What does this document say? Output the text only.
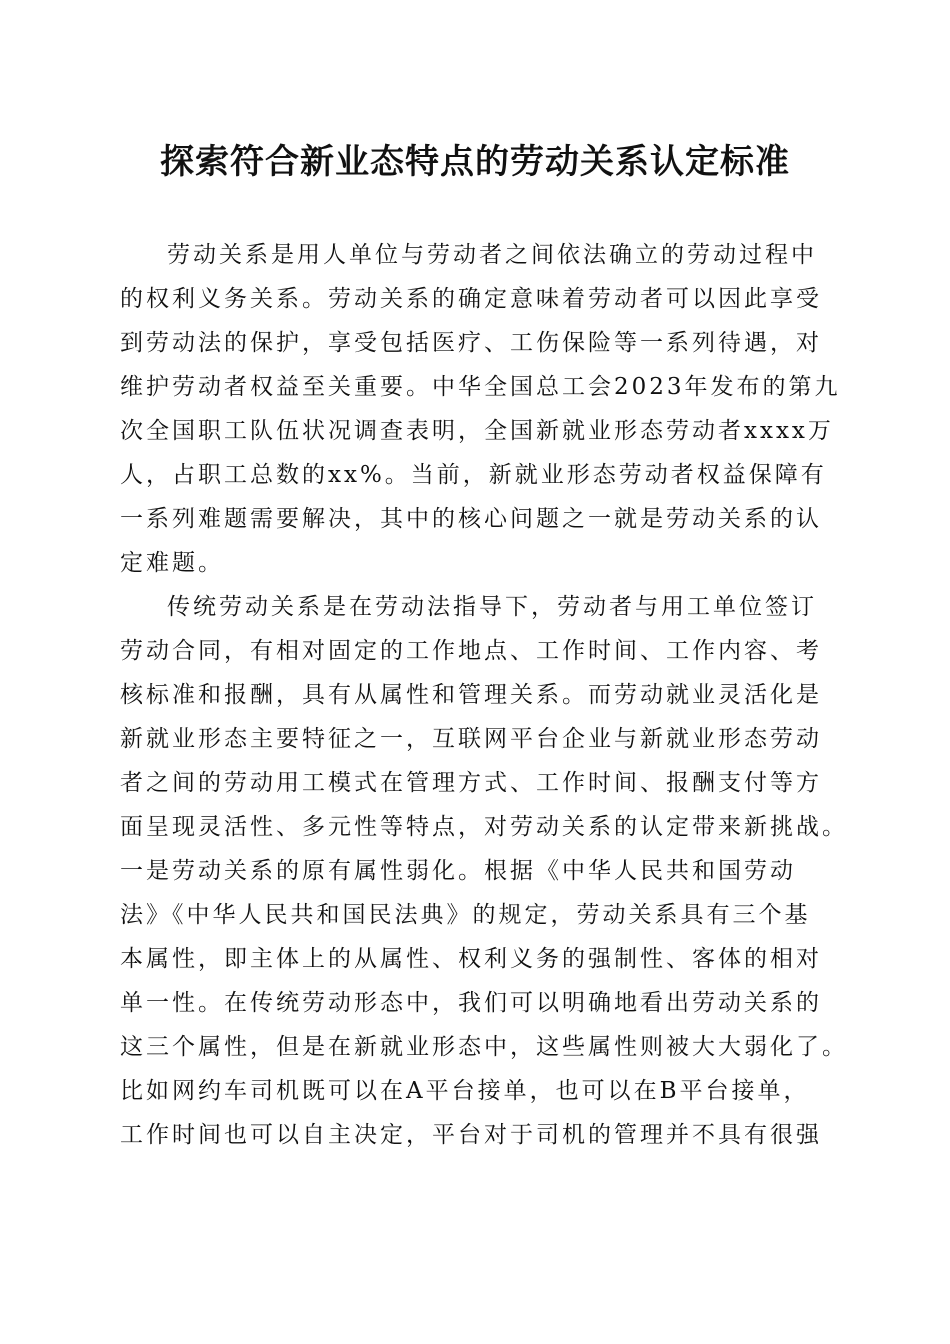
探索符合新业态特点的劳动关系认定标准

劳动关系是用人单位与劳动者之间依法确立的劳动过程中

的权利义务关系。劳动关系的确定意味着劳动者可以因此享受

到劳动法的保护，享受包括医疗、工伤保险等一系列待遇，对

维护劳动者权益至关重要。中华全国总工会2023年发布的第九

次全国职工队伍状况调查表明，全国新就业形态劳动者xxxx万

人，占职工总数的xx%。当前，新就业形态劳动者权益保障有

一系列难题需要解决，其中的核心问题之一就是劳动关系的认

定难题。

传统劳动关系是在劳动法指导下，劳动者与用工单位签订

劳动合同，有相对固定的工作地点、工作时间、工作内容、考

核标准和报酬，具有从属性和管理关系。而劳动就业灵活化是

新就业形态主要特征之一，互联网平台企业与新就业形态劳动

者之间的劳动用工模式在管理方式、工作时间、报酬支付等方

面呈现灵活性、多元性等特点，对劳动关系的认定带来新挑战。

一是劳动关系的原有属性弱化。根据《中华人民共和国劳动

法》《中华人民共和国民法典》的规定，劳动关系具有三个基

本属性，即主体上的从属性、权利义务的强制性、客体的相对

单一性。在传统劳动形态中，我们可以明确地看出劳动关系的

这三个属性，但是在新就业形态中，这些属性则被大大弱化了。

比如网约车司机既可以在A平台接单，也可以在B平台接单，

工作时间也可以自主决定，平台对于司机的管理并不具有很强
